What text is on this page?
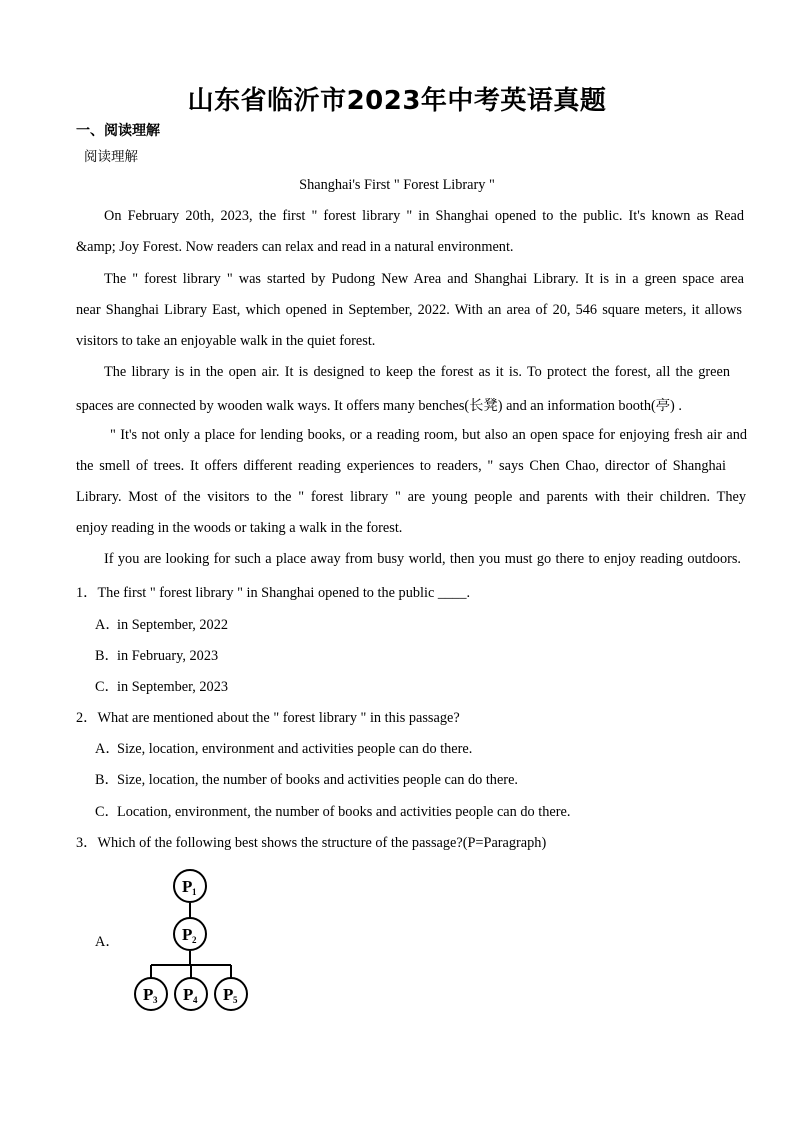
山东省临沂市2023年中考英语真题
一、阅读理解
阅读理解
Shanghai's First " Forest Library "
On February 20th, 2023, the first " forest library " in Shanghai opened to the public. It's known as Read
&amp; Joy Forest. Now readers can relax and read in a natural environment.
The " forest library " was started by Pudong New Area and Shanghai Library. It is in a green space area
near Shanghai Library East, which opened in September, 2022. With an area of 20, 546 square meters, it allows
visitors to take an enjoyable walk in the quiet forest.
The library is in the open air. It is designed to keep the forest as it is. To protect the forest, all the green
spaces are connected by wooden walk ways. It offers many benches(长凳) and an information booth(亭) .
" It's not only a place for lending books, or a reading room, but also an open space for enjoying fresh air and
the smell of trees. It offers different reading experiences to readers, " says Chen Chao, director of Shanghai
Library. Most of the visitors to the " forest library " are young people and parents with their children. They
enjoy reading in the woods or taking a walk in the forest.
If you are looking for such a place away from busy world, then you must go there to enjoy reading outdoors.
1．The first " forest library " in Shanghai opened to the public ____.
A．in September, 2022
B．in February, 2023
C．in September, 2023
2．What are mentioned about the " forest library " in this passage?
A．Size, location, environment and activities people can do there.
B．Size, location, the number of books and activities people can do there.
C．Location, environment, the number of books and activities people can do there.
3．Which of the following best shows the structure of the passage?(P=Paragraph)
A．
P 1
P 2
P 3 P 4 P 5
